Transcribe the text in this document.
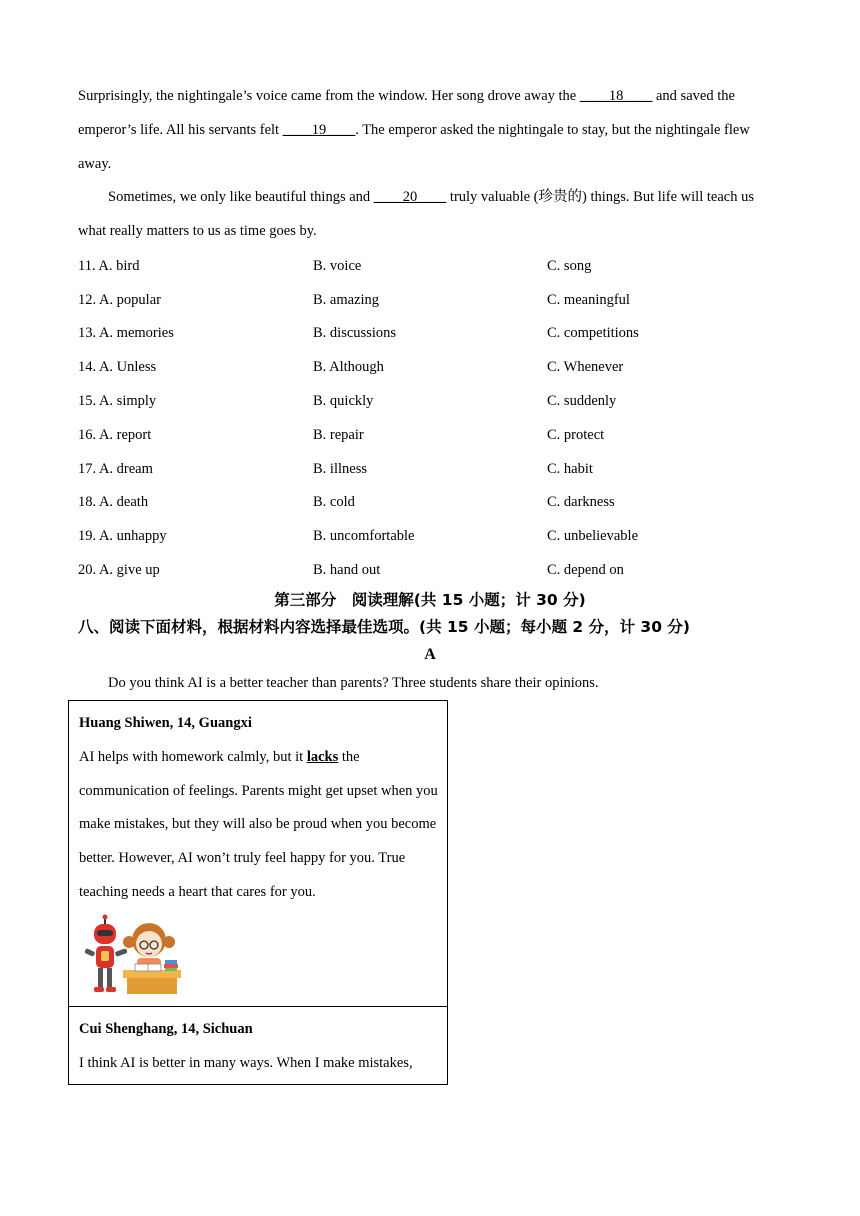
Surprisingly, the nightingale’s voice came from the window. Her song drove away the ____18____ and saved the emperor’s life. All his servants felt ____19____. The emperor asked the nightingale to stay, but the nightingale flew away.
Sometimes, we only like beautiful things and ____20____ truly valuable (珍贵的) things. But life will teach us what really matters to us as time goes by.
11. A. bird	B. voice	C. song
12. A. popular	B. amazing	C. meaningful
13. A. memories	B. discussions	C. competitions
14. A. Unless	B. Although	C. Whenever
15. A. simply	B. quickly	C. suddenly
16. A. report	B. repair	C. protect
17. A. dream	B. illness	C. habit
18. A. death	B. cold	C. darkness
19. A. unhappy	B. uncomfortable	C. unbelievable
20. A. give up	B. hand out	C. depend on
第三部分　阅读理解(共 15 小题；计 30 分)
八、阅读下面材料，根据材料内容选择最佳选项。(共 15 小题；每小题 2 分，计 30 分)
A
Do you think AI is a better teacher than parents? Three students share their opinions.
Huang Shiwen, 14, Guangxi
AI helps with homework calmly, but it lacks the communication of feelings. Parents might get upset when you make mistakes, but they will also be proud when you become better. However, AI won’t truly feel happy for you. True teaching needs a heart that cares for you.
Cui Shenghang, 14, Sichuan
I think AI is better in many ways. When I make mistakes,
